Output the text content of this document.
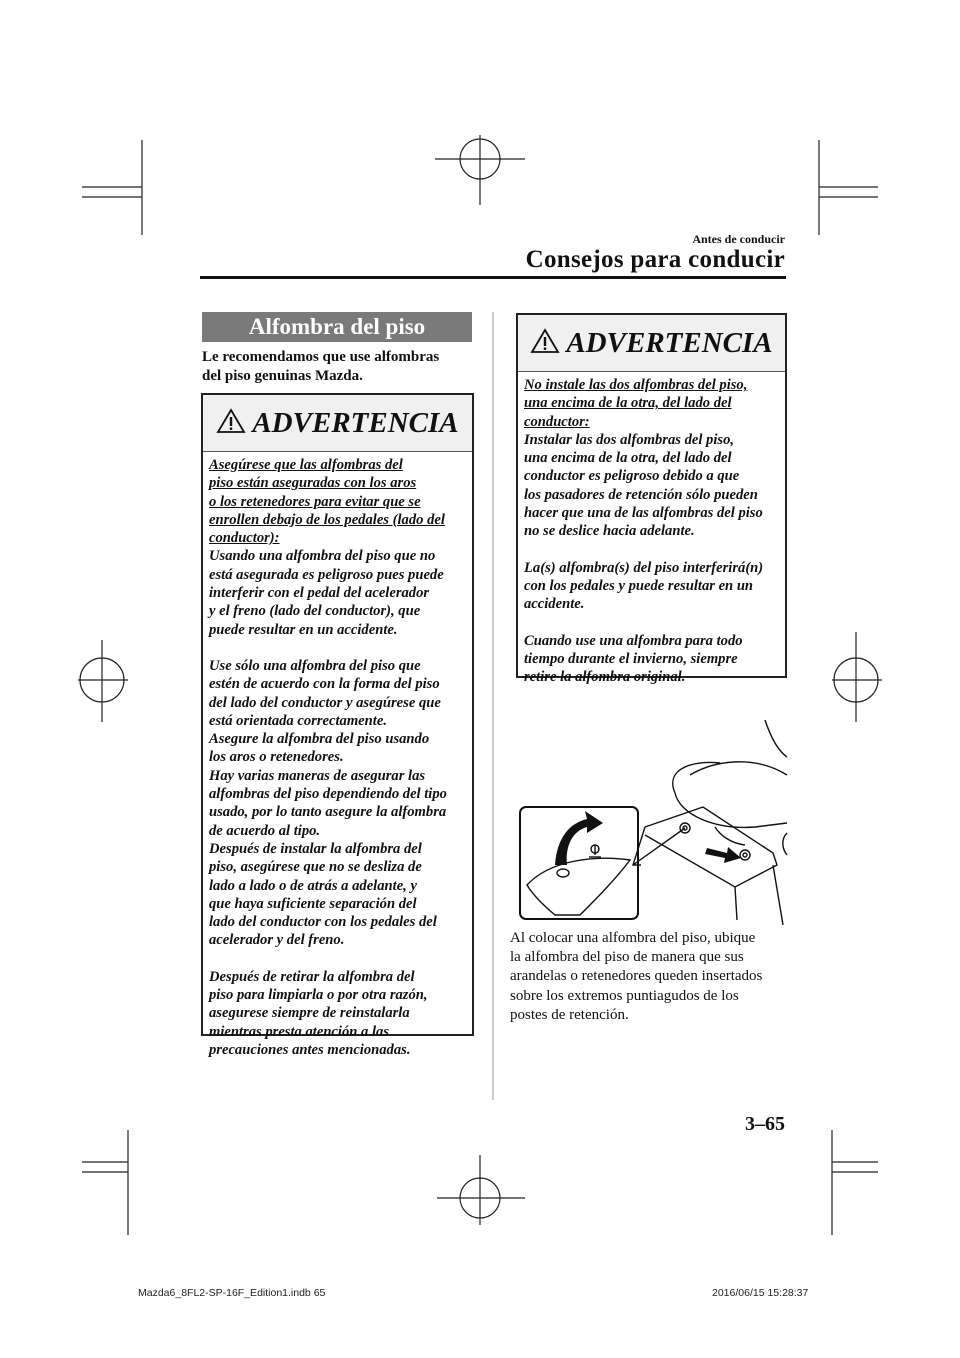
Antes de conducir
Consejos para conducir
Alfombra del piso
Le recomendamos que use alfombras
del piso genuinas Mazda.
ADVERTENCIA
Asegúrese que las alfombras del
piso están aseguradas con los aros
o los retenedores para evitar que se
enrollen debajo de los pedales (lado del
conductor):
Usando una alfombra del piso que no
está asegurada es peligroso pues puede
interferir con el pedal del acelerador
y el freno (lado del conductor), que
puede resultar en un accidente.
Use sólo una alfombra del piso que
estén de acuerdo con la forma del piso
del lado del conductor y asegúrese que
está orientada correctamente.
Asegure la alfombra del piso usando
los aros o retenedores.
Hay varias maneras de asegurar las
alfombras del piso dependiendo del tipo
usado, por lo tanto asegure la alfombra
de acuerdo al tipo.
Después de instalar la alfombra del
piso, asegúrese que no se desliza de
lado a lado o de atrás a adelante, y
que haya suficiente separación del
lado del conductor con los pedales del
acelerador y del freno.
Después de retirar la alfombra del
piso para limpiarla o por otra razón,
asegurese siempre de reinstalarla
mientras presta atención a las
precauciones antes mencionadas.
ADVERTENCIA
No instale las dos alfombras del piso,
una encima de la otra, del lado del
conductor:
Instalar las dos alfombras del piso,
una encima de la otra, del lado del
conductor es peligroso debido a que
los pasadores de retención sólo pueden
hacer que una de las alfombras del piso
no se deslice hacia adelante.
La(s) alfombra(s) del piso interferirá(n)
con los pedales y puede resultar en un
accidente.
Cuando use una alfombra para todo
tiempo durante el invierno, siempre
retire la alfombra original.
Al colocar una alfombra del piso, ubique
la alfombra del piso de manera que sus
arandelas o retenedores queden insertados
sobre los extremos puntiagudos de los
postes de retención.
3–65
Mazda6_8FL2-SP-16F_Edition1.indb 65	2016/06/15 15:28:37
